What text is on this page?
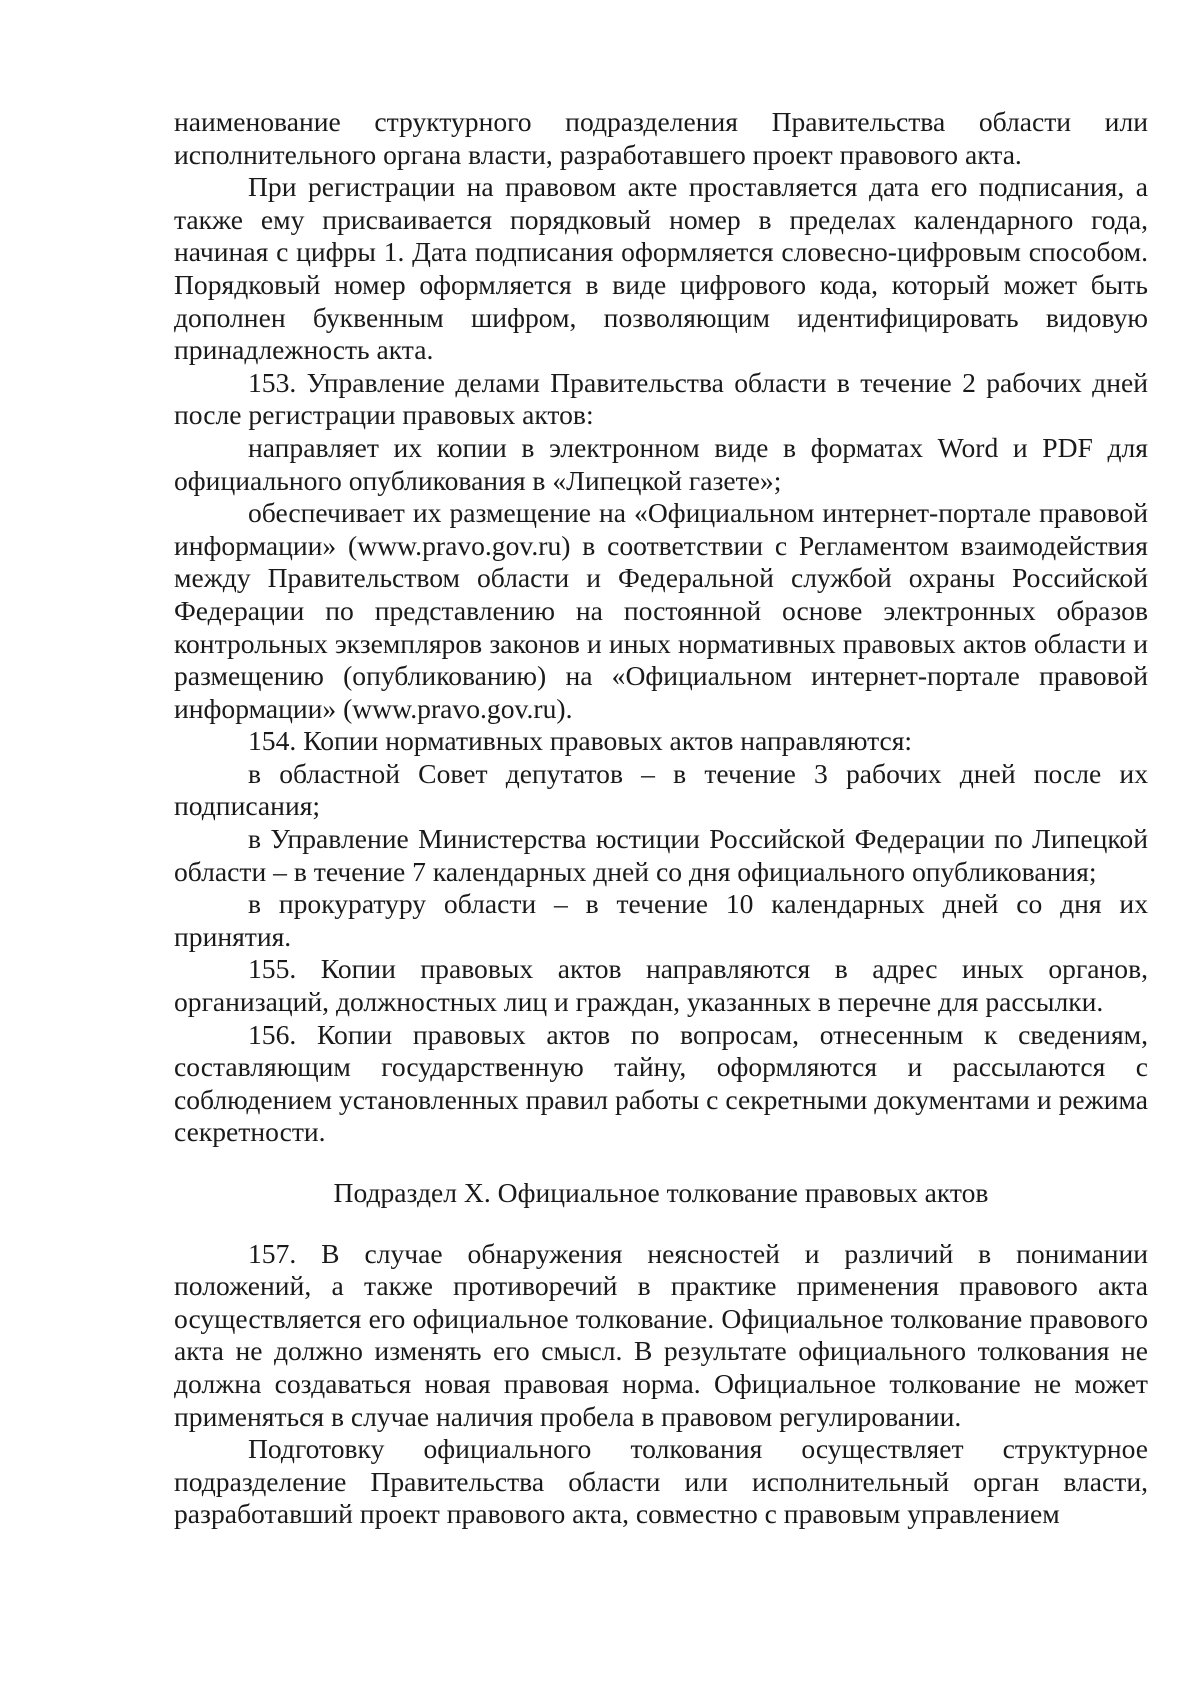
наименование структурного подразделения Правительства области или исполнительного органа власти, разработавшего проект правового акта.

При регистрации на правовом акте проставляется дата его подписания, а также ему присваивается порядковый номер в пределах календарного года, начиная с цифры 1. Дата подписания оформляется словесно-цифровым способом. Порядковый номер оформляется в виде цифрового кода, который может быть дополнен буквенным шифром, позволяющим идентифицировать видовую принадлежность акта.

153. Управление делами Правительства области в течение 2 рабочих дней после регистрации правовых актов:

направляет их копии в электронном виде в форматах Word и PDF для официального опубликования в «Липецкой газете»;

обеспечивает их размещение на «Официальном интернет-портале правовой информации» (www.pravo.gov.ru) в соответствии с Регламентом взаимодействия между Правительством области и Федеральной службой охраны Российской Федерации по представлению на постоянной основе электронных образов контрольных экземпляров законов и иных нормативных правовых актов области и размещению (опубликованию) на «Официальном интернет-портале правовой информации» (www.pravo.gov.ru).

154. Копии нормативных правовых актов направляются:

в областной Совет депутатов – в течение 3 рабочих дней после их подписания;

в Управление Министерства юстиции Российской Федерации по Липецкой области – в течение 7 календарных дней со дня официального опубликования;

в прокуратуру области – в течение 10 календарных дней со дня их принятия.

155. Копии правовых актов направляются в адрес иных органов, организаций, должностных лиц и граждан, указанных в перечне для рассылки.

156. Копии правовых актов по вопросам, отнесенным к сведениям, составляющим государственную тайну, оформляются и рассылаются с соблюдением установленных правил работы с секретными документами и режима секретности.

Подраздел X. Официальное толкование правовых актов

157. В случае обнаружения неясностей и различий в понимании положений, а также противоречий в практике применения правового акта осуществляется его официальное толкование. Официальное толкование правового акта не должно изменять его смысл. В результате официального толкования не должна создаваться новая правовая норма. Официальное толкование не может применяться в случае наличия пробела в правовом регулировании.

Подготовку официального толкования осуществляет структурное подразделение Правительства области или исполнительный орган власти, разработавший проект правового акта, совместно с правовым управлением
